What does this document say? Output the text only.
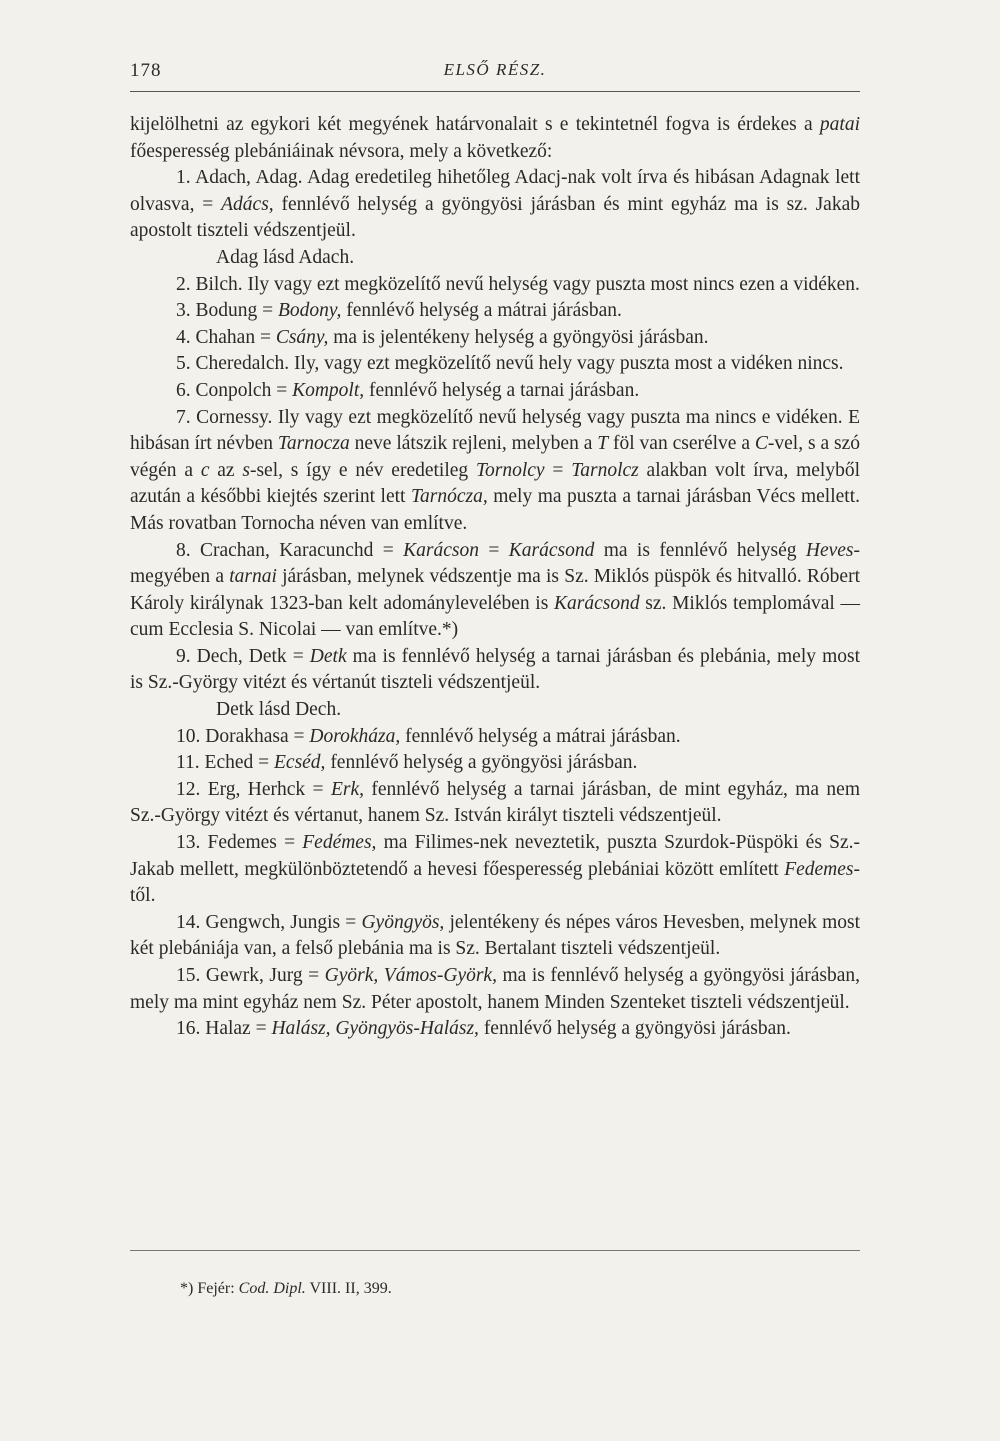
178	ELSŐ RÉSZ.

kijelölhetni az egykori két megyének határvonalait s e tekintetnél fogva is érdekes a patai főesperesség plebániáinak névsora, mely a következő:

1. Adach, Adag. Adag eredetileg hihetőleg Adacj-nak volt írva és hibásan Adagnak lett olvasva, = Adács, fennlévő helység a gyöngyösi járásban és mint egyház ma is sz. Jakab apostolt tiszteli védszentjeül.

Adag lásd Adach.

2. Bilch. Ily vagy ezt megközelítő nevű helység vagy puszta most nincs ezen a vidéken.

3. Bodung = Bodony, fennlévő helység a mátrai járásban.

4. Chahan = Csány, ma is jelentékeny helység a gyöngyösi járásban.

5. Cheredalch. Ily, vagy ezt megközelítő nevű hely vagy puszta most a vidéken nincs.

6. Conpolch = Kompolt, fennlévő helység a tarnai járásban.

7. Cornessy. Ily vagy ezt megközelítő nevű helység vagy puszta ma nincs e vidéken. E hibásan írt névben Tarnocza neve látszik rejleni, melyben a T föl van cserélve a C-vel, s a szó végén a c az s-sel, s így e név eredetileg Tornolcy = Tarnolcz alakban volt írva, melyből azután a későbbi kiejtés szerint lett Tarnócza, mely ma puszta a tarnai járásban Vécs mellett. Más rovatban Tornocha néven van említve.

8. Crachan, Karacunchd = Karácson = Karácsond ma is fennlévő helység Heves-megyében a tarnai járásban, melynek védszentje ma is Sz. Miklós püspök és hitvalló. Róbert Károly királynak 1323-ban kelt adománylevelében is Karácsond sz. Miklós templomával — cum Ecclesia S. Nicolai — van említve.*)

9. Dech, Detk = Detk ma is fennlévő helység a tarnai járásban és plebánia, mely most is Sz.-György vitézt és vértanút tiszteli védszentjeül.

Detk lásd Dech.

10. Dorakhasa = Dorokháza, fennlévő helység a mátrai járásban.

11. Eched = Ecséd, fennlévő helység a gyöngyösi járásban.

12. Erg, Herhck = Erk, fennlévő helység a tarnai járásban, de mint egyház, ma nem Sz.-György vitézt és vértanut, hanem Sz. István királyt tiszteli védszentjeül.

13. Fedemes = Fedémes, ma Filimes-nek neveztetik, puszta Szurdok-Püspöki és Sz.-Jakab mellett, megkülönböztetendő a hevesi főesperesség plebániai között említett Fedemes-től.

14. Gengwch, Jungis = Gyöngyös, jelentékeny és népes város Hevesben, melynek most két plebániája van, a felső plebánia ma is Sz. Bertalant tiszteli védszentjeül.

15. Gewrk, Jurg = Györk, Vámos-Györk, ma is fennlévő helység a gyöngyösi járásban, mely ma mint egyház nem Sz. Péter apostolt, hanem Minden Szenteket tiszteli védszentjeül.

16. Halaz = Halász, Gyöngyös-Halász, fennlévő helység a gyöngyösi járásban.

*) Fejér: Cod. Dipl. VIII. II, 399.
